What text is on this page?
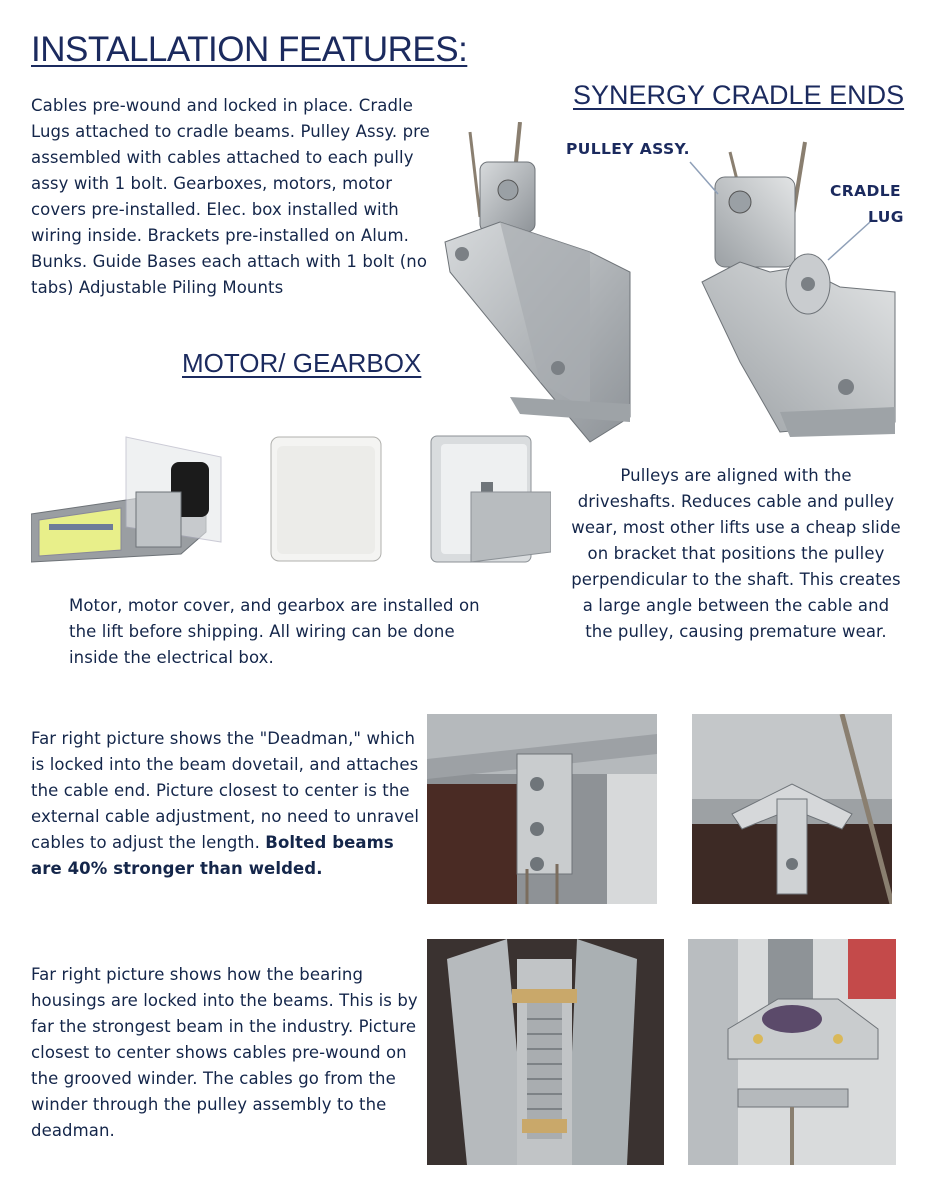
INSTALLATION FEATURES:

Cables pre-wound and locked in place. Cradle Lugs attached to cradle beams. Pulley Assy. pre assembled with cables attached to each pully assy with 1 bolt. Gearboxes, motors, motor covers pre-installed. Elec. box installed with wiring inside. Brackets pre-installed on Alum. Bunks. Guide Bases each attach with 1 bolt (no tabs) Adjustable Piling Mounts

SYNERGY CRADLE ENDS
PULLEY ASSY.
CRADLE
LUG
MOTOR/ GEARBOX

Motor, motor cover, and gearbox are installed on the lift before shipping. All wiring can be done inside the electrical box.

Pulleys are aligned with the driveshafts. Reduces cable and pulley wear, most other lifts use a cheap slide on bracket that positions the pulley perpendicular to the shaft. This creates a large angle between the cable and the pulley, causing premature wear.

Far right picture shows the "Deadman," which is locked into the beam dovetail, and attaches the cable end. Picture closest to center is the external cable adjustment, no need to unravel cables to adjust the length. Bolted beams are 40% stronger than welded.

Far right picture shows how the bearing housings are locked into the beams. This is by far the strongest beam in the industry. Picture closest to center shows cables pre-wound on the grooved winder. The cables go from the winder through the pulley assembly to the deadman.
